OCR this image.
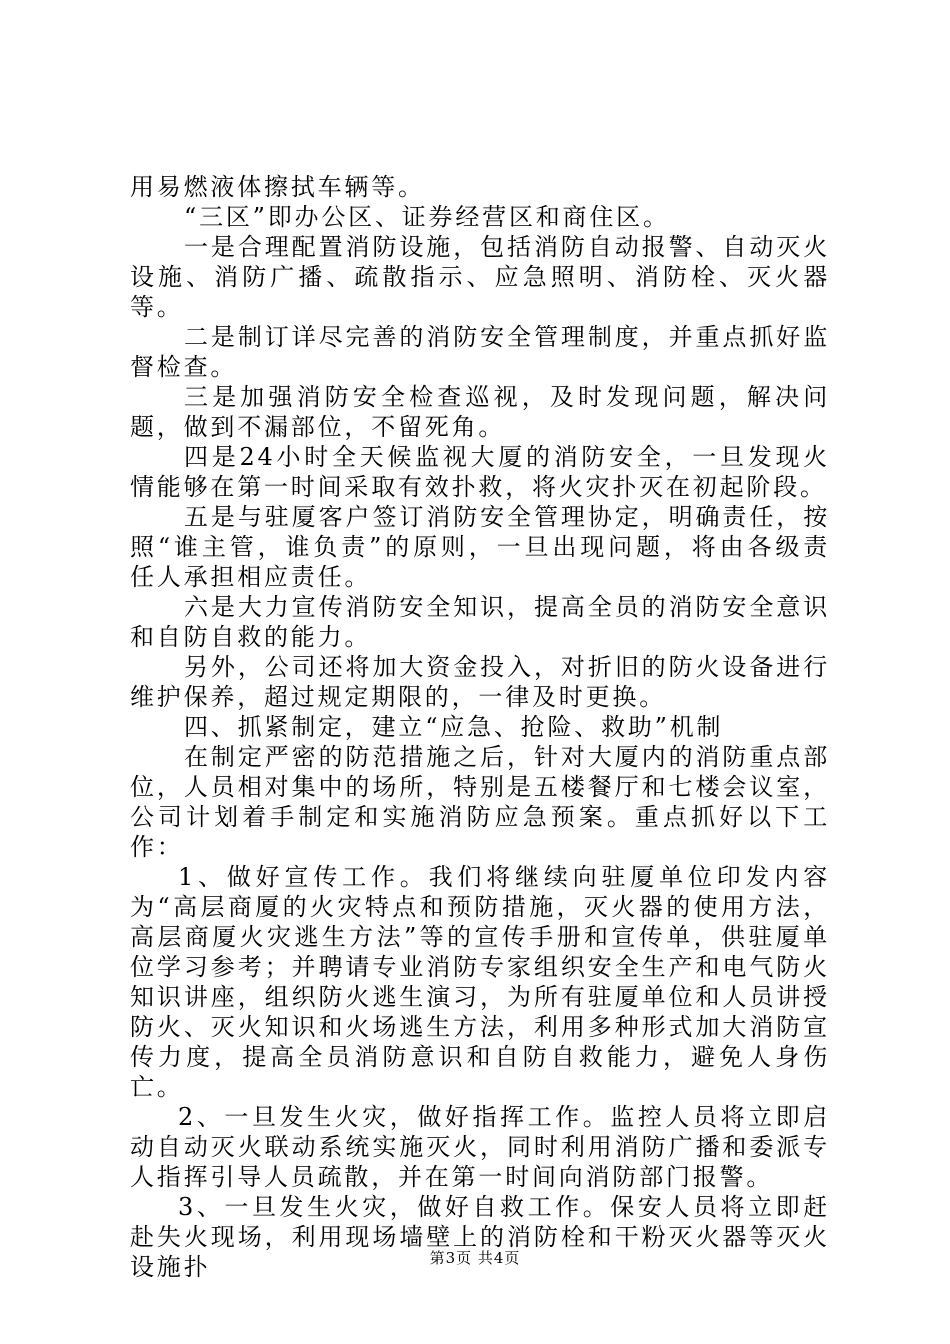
用易燃液体擦拭车辆等。

“三区”即办公区、证券经营区和商住区。

一是合理配置消防设施，包括消防自动报警、自动灭火设施、消防广播、疏散指示、应急照明、消防栓、灭火器等。

二是制订详尽完善的消防安全管理制度，并重点抓好监督检查。

三是加强消防安全检查巡视，及时发现问题，解决问题，做到不漏部位，不留死角。

四是24小时全天候监视大厦的消防安全，一旦发现火情能够在第一时间采取有效扑救，将火灾扑灭在初起阶段。

五是与驻厦客户签订消防安全管理协定，明确责任，按照“谁主管，谁负责”的原则，一旦出现问题，将由各级责任人承担相应责任。

六是大力宣传消防安全知识，提高全员的消防安全意识和自防自救的能力。

另外，公司还将加大资金投入，对折旧的防火设备进行维护保养，超过规定期限的，一律及时更换。

四、抓紧制定，建立“应急、抢险、救助”机制

在制定严密的防范措施之后，针对大厦内的消防重点部位，人员相对集中的场所，特别是五楼餐厅和七楼会议室，公司计划着手制定和实施消防应急预案。重点抓好以下工作：

1、做好宣传工作。我们将继续向驻厦单位印发内容为“高层商厦的火灾特点和预防措施，灭火器的使用方法，高层商厦火灾逃生方法”等的宣传手册和宣传单，供驻厦单位学习参考；并聘请专业消防专家组织安全生产和电气防火知识讲座，组织防火逃生演习，为所有驻厦单位和人员讲授防火、灭火知识和火场逃生方法，利用多种形式加大消防宣传力度，提高全员消防意识和自防自救能力，避免人身伤亡。

2、一旦发生火灾，做好指挥工作。监控人员将立即启动自动灭火联动系统实施灭火，同时利用消防广播和委派专人指挥引导人员疏散，并在第一时间向消防部门报警。

3、一旦发生火灾，做好自救工作。保安人员将立即赶赴失火现场，利用现场墙壁上的消防栓和干粉灭火器等灭火设施扑	第3页 共4页
